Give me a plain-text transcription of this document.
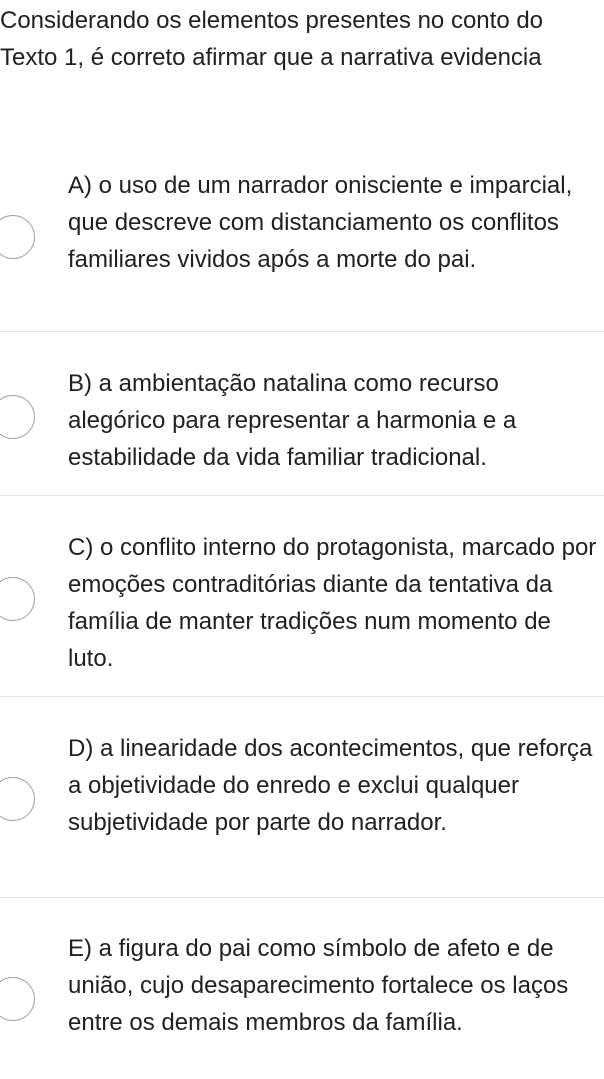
Considerando os elementos presentes no conto do Texto 1, é correto afirmar que a narrativa evidencia

A) o uso de um narrador onisciente e imparcial, que descreve com distanciamento os conflitos familiares vividos após a morte do pai.

B) a ambientação natalina como recurso alegórico para representar a harmonia e a estabilidade da vida familiar tradicional.

C) o conflito interno do protagonista, marcado por emoções contraditórias diante da tentativa da família de manter tradições num momento de luto.

D) a linearidade dos acontecimentos, que reforça a objetividade do enredo e exclui qualquer subjetividade por parte do narrador.

E) a figura do pai como símbolo de afeto e de união, cujo desaparecimento fortalece os laços entre os demais membros da família.
